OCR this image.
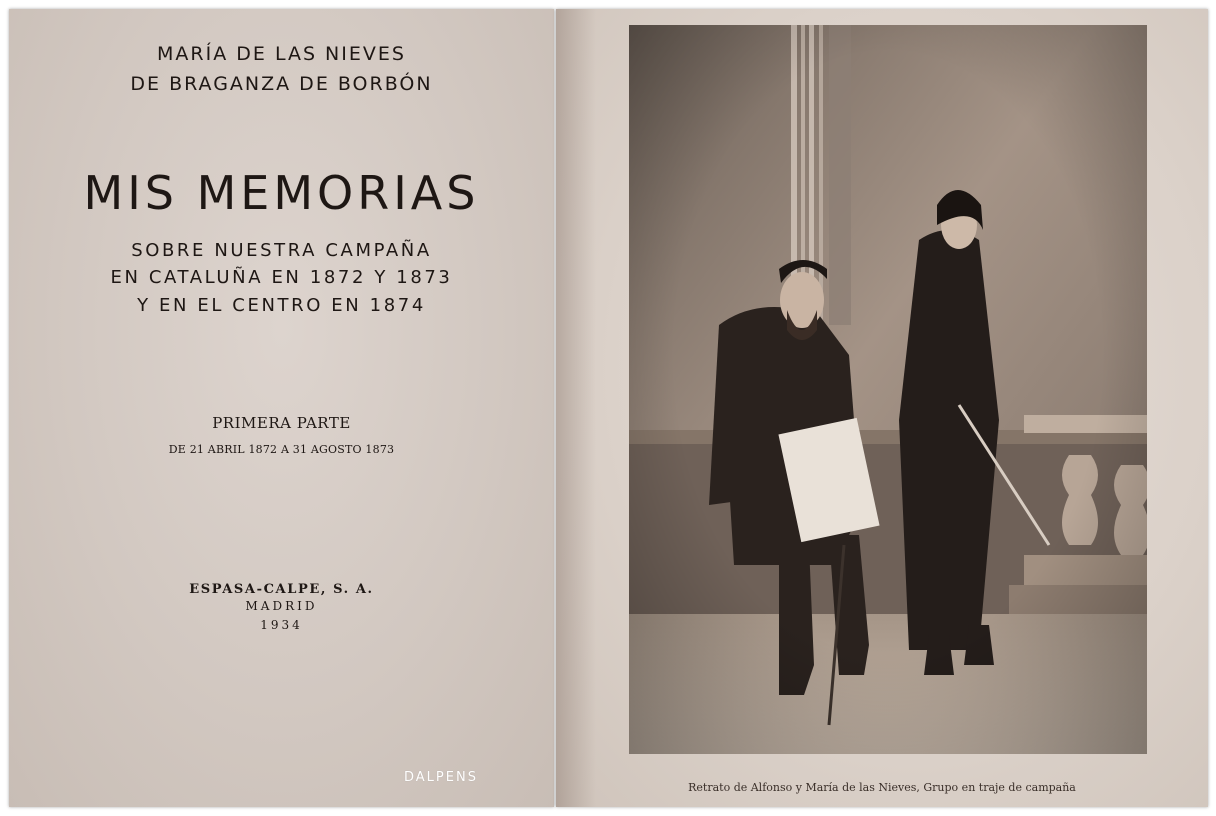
MARÍA DE LAS NIEVES
DE BRAGANZA DE BORBÓN
MIS MEMORIAS
SOBRE NUESTRA CAMPAÑA
EN CATALUÑA EN 1872 Y 1873
Y EN EL CENTRO EN 1874
PRIMERA PARTE
DE 21 ABRIL 1872 A 31 AGOSTO 1873
ESPASA-CALPE, S. A.
MADRID
1934
DALPENS
Retrato de Alfonso y María de las Nieves, Grupo en traje de campaña
